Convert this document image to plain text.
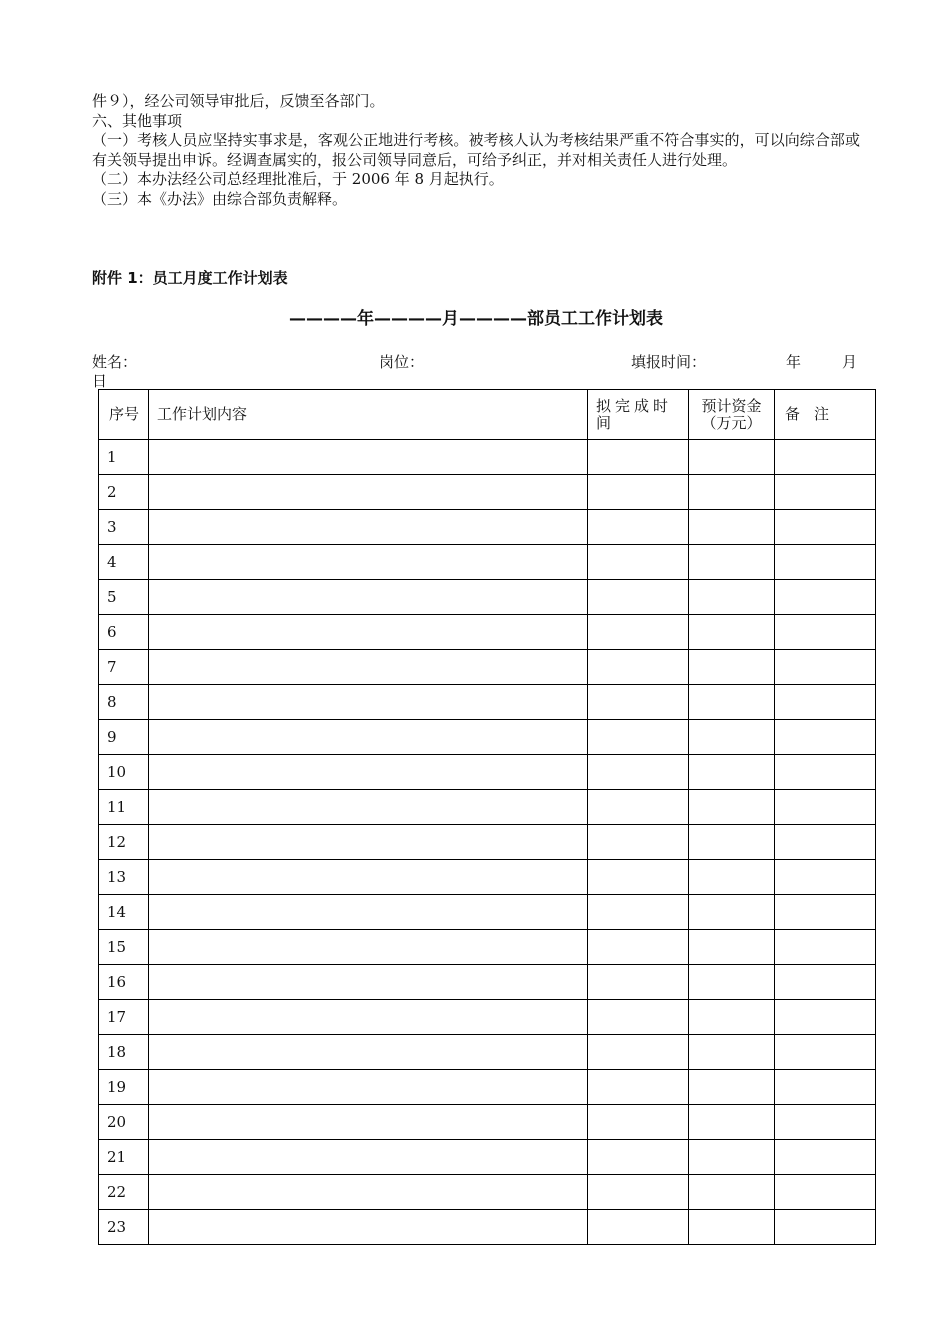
件９），经公司领导审批后，反馈至各部门。

六、其他事项

（一）考核人员应坚持实事求是，客观公正地进行考核。被考核人认为考核结果严重不符合事实的，可以向综合部或有关领导提出申诉。经调查属实的，报公司领导同意后，可给予纠正，并对相关责任人进行处理。

（二）本办法经公司总经理批准后，于 2006 年 8 月起执行。

（三）本《办法》由综合部负责解释。

附件 1：员工月度工作计划表
————年————月————部员工工作计划表
姓名：	岗位：	填报时间：	年	月
日
序号	工作计划内容	拟完成时间	预计资金（万元）	备注
1				
2				
3				
4				
5				
6				
7				
8				
9				
10				
11				
12				
13				
14				
15				
16				
17				
18				
19				
20				
21				
22				
23				
